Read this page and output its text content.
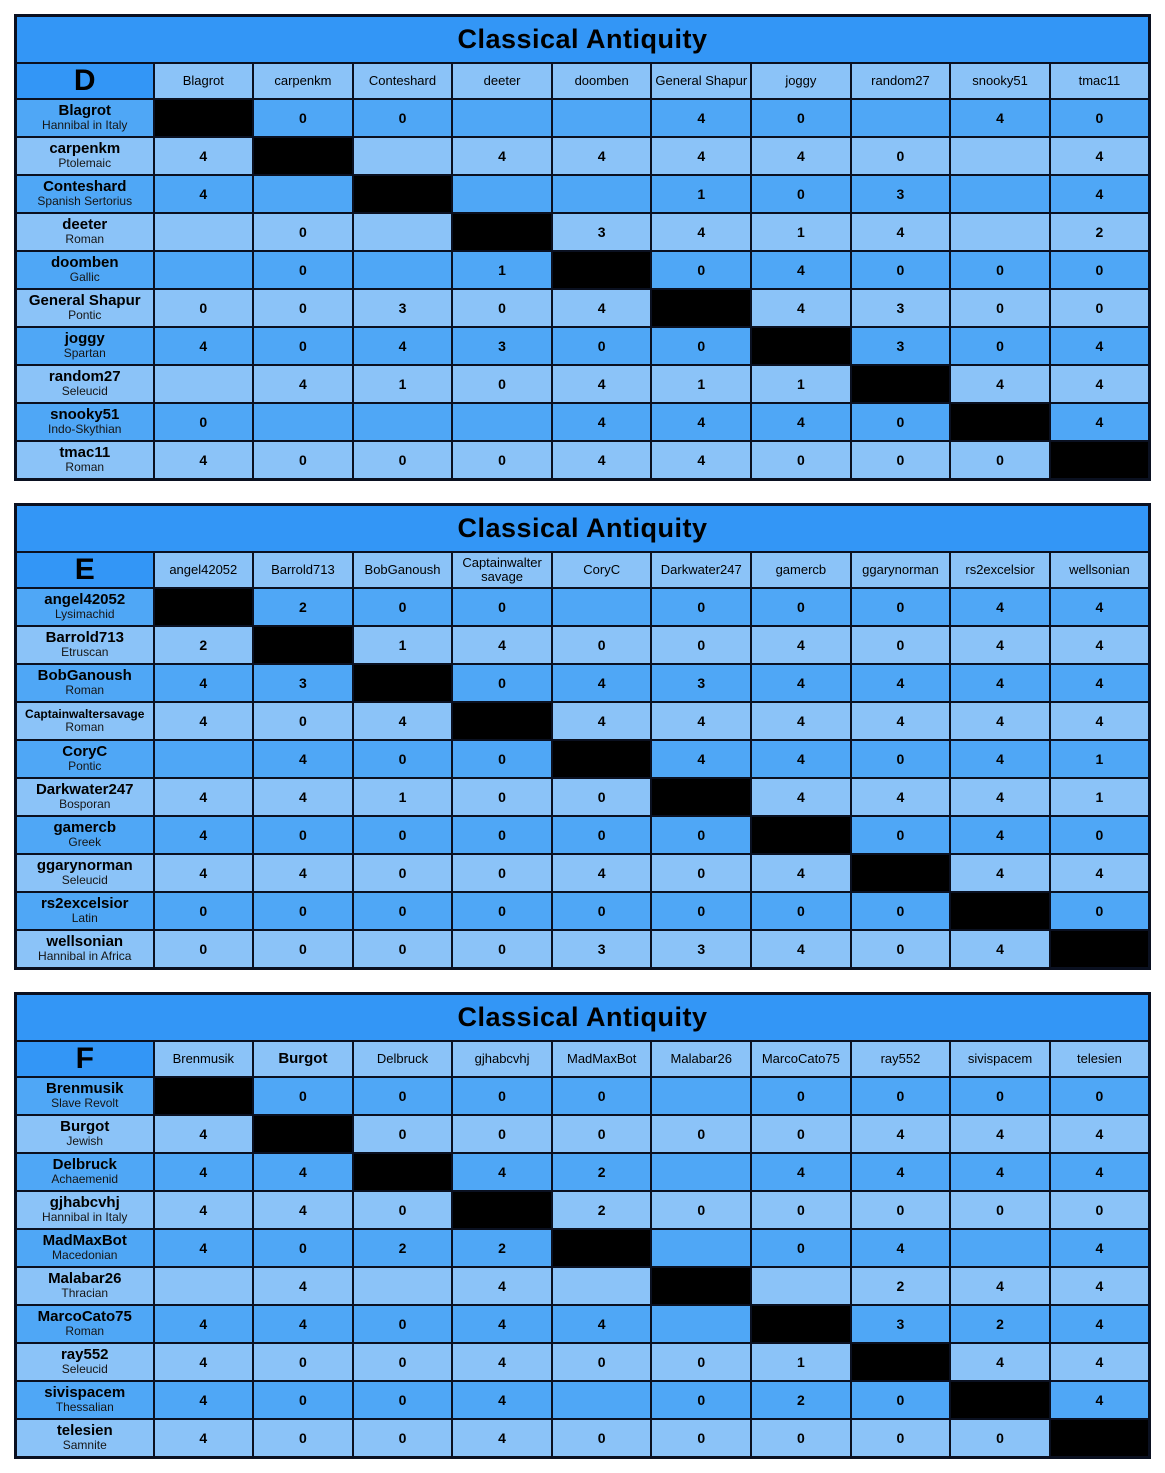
Classical Antiquity										
D	Blagrot	carpenkm	Conteshard	deeter	doomben	General Shapur	joggy	random27	snooky51	tmac11

Blagrot
Hannibal in Italy		0	0			4	0		4	0

carpenkm
Ptolemaic	4			4	4	4	4	0		4

Conteshard
Spanish Sertorius	4					1	0	3		4

deeter
Roman		0			3	4	1	4		2

doomben
Gallic		0		1		0	4	0	0	0

General Shapur
Pontic	0	0	3	0	4		4	3	0	0

joggy
Spartan	4	0	4	3	0	0		3	0	4

random27
Seleucid		4	1	0	4	1	1		4	4

snooky51
Indo-Skythian	0				4	4	4	0		4

tmac11
Roman	4	0	0	0	4	4	0	0	0	
Classical Antiquity										
E	angel42052	Barrold713	BobGanoush	Captainwalter savage	CoryC	Darkwater247	gamercb	ggarynorman	rs2excelsior	wellsonian

angel42052
Lysimachid		2	0	0		0	0	0	4	4

Barrold713
Etruscan	2		1	4	0	0	4	0	4	4

BobGanoush
Roman	4	3		0	4	3	4	4	4	4

Captainwaltersavage
Roman	4	0	4		4	4	4	4	4	4

CoryC
Pontic		4	0	0		4	4	0	4	1

Darkwater247
Bosporan	4	4	1	0	0		4	4	4	1

gamercb
Greek	4	0	0	0	0	0		0	4	0

ggarynorman
Seleucid	4	4	0	0	4	0	4		4	4

rs2excelsior
Latin	0	0	0	0	0	0	0	0		0

wellsonian
Hannibal in Africa	0	0	0	0	3	3	4	0	4	
Classical Antiquity										
F	Brenmusik	Burgot	Delbruck	gjhabcvhj	MadMaxBot	Malabar26	MarcoCato75	ray552	sivispacem	telesien

Brenmusik
Slave Revolt		0	0	0	0		0	0	0	0

Burgot
Jewish	4		0	0	0	0	0	4	4	4

Delbruck
Achaemenid	4	4		4	2		4	4	4	4

gjhabcvhj
Hannibal in Italy	4	4	0		2	0	0	0	0	0

MadMaxBot
Macedonian	4	0	2	2			0	4		4

Malabar26
Thracian		4		4				2	4	4

MarcoCato75
Roman	4	4	0	4	4			3	2	4

ray552
Seleucid	4	0	0	4	0	0	1		4	4

sivispacem
Thessalian	4	0	0	4		0	2	0		4

telesien
Samnite	4	0	0	4	0	0	0	0	0	
